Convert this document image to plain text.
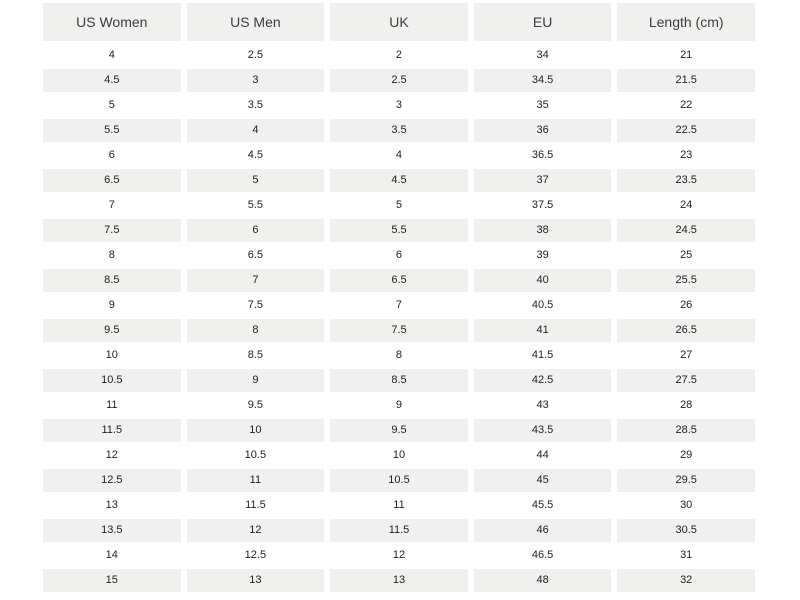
US Women	US Men	UK	EU	Length (cm)
4	2.5	2	34	21
4.5	3	2.5	34.5	21.5
5	3.5	3	35	22
5.5	4	3.5	36	22.5
6	4.5	4	36.5	23
6.5	5	4.5	37	23.5
7	5.5	5	37.5	24
7.5	6	5.5	38	24.5
8	6.5	6	39	25
8.5	7	6.5	40	25.5
9	7.5	7	40.5	26
9.5	8	7.5	41	26.5
10	8.5	8	41.5	27
10.5	9	8.5	42.5	27.5
11	9.5	9	43	28
11.5	10	9.5	43.5	28.5
12	10.5	10	44	29
12.5	11	10.5	45	29.5
13	11.5	11	45.5	30
13.5	12	11.5	46	30.5
14	12.5	12	46.5	31
15	13	13	48	32
